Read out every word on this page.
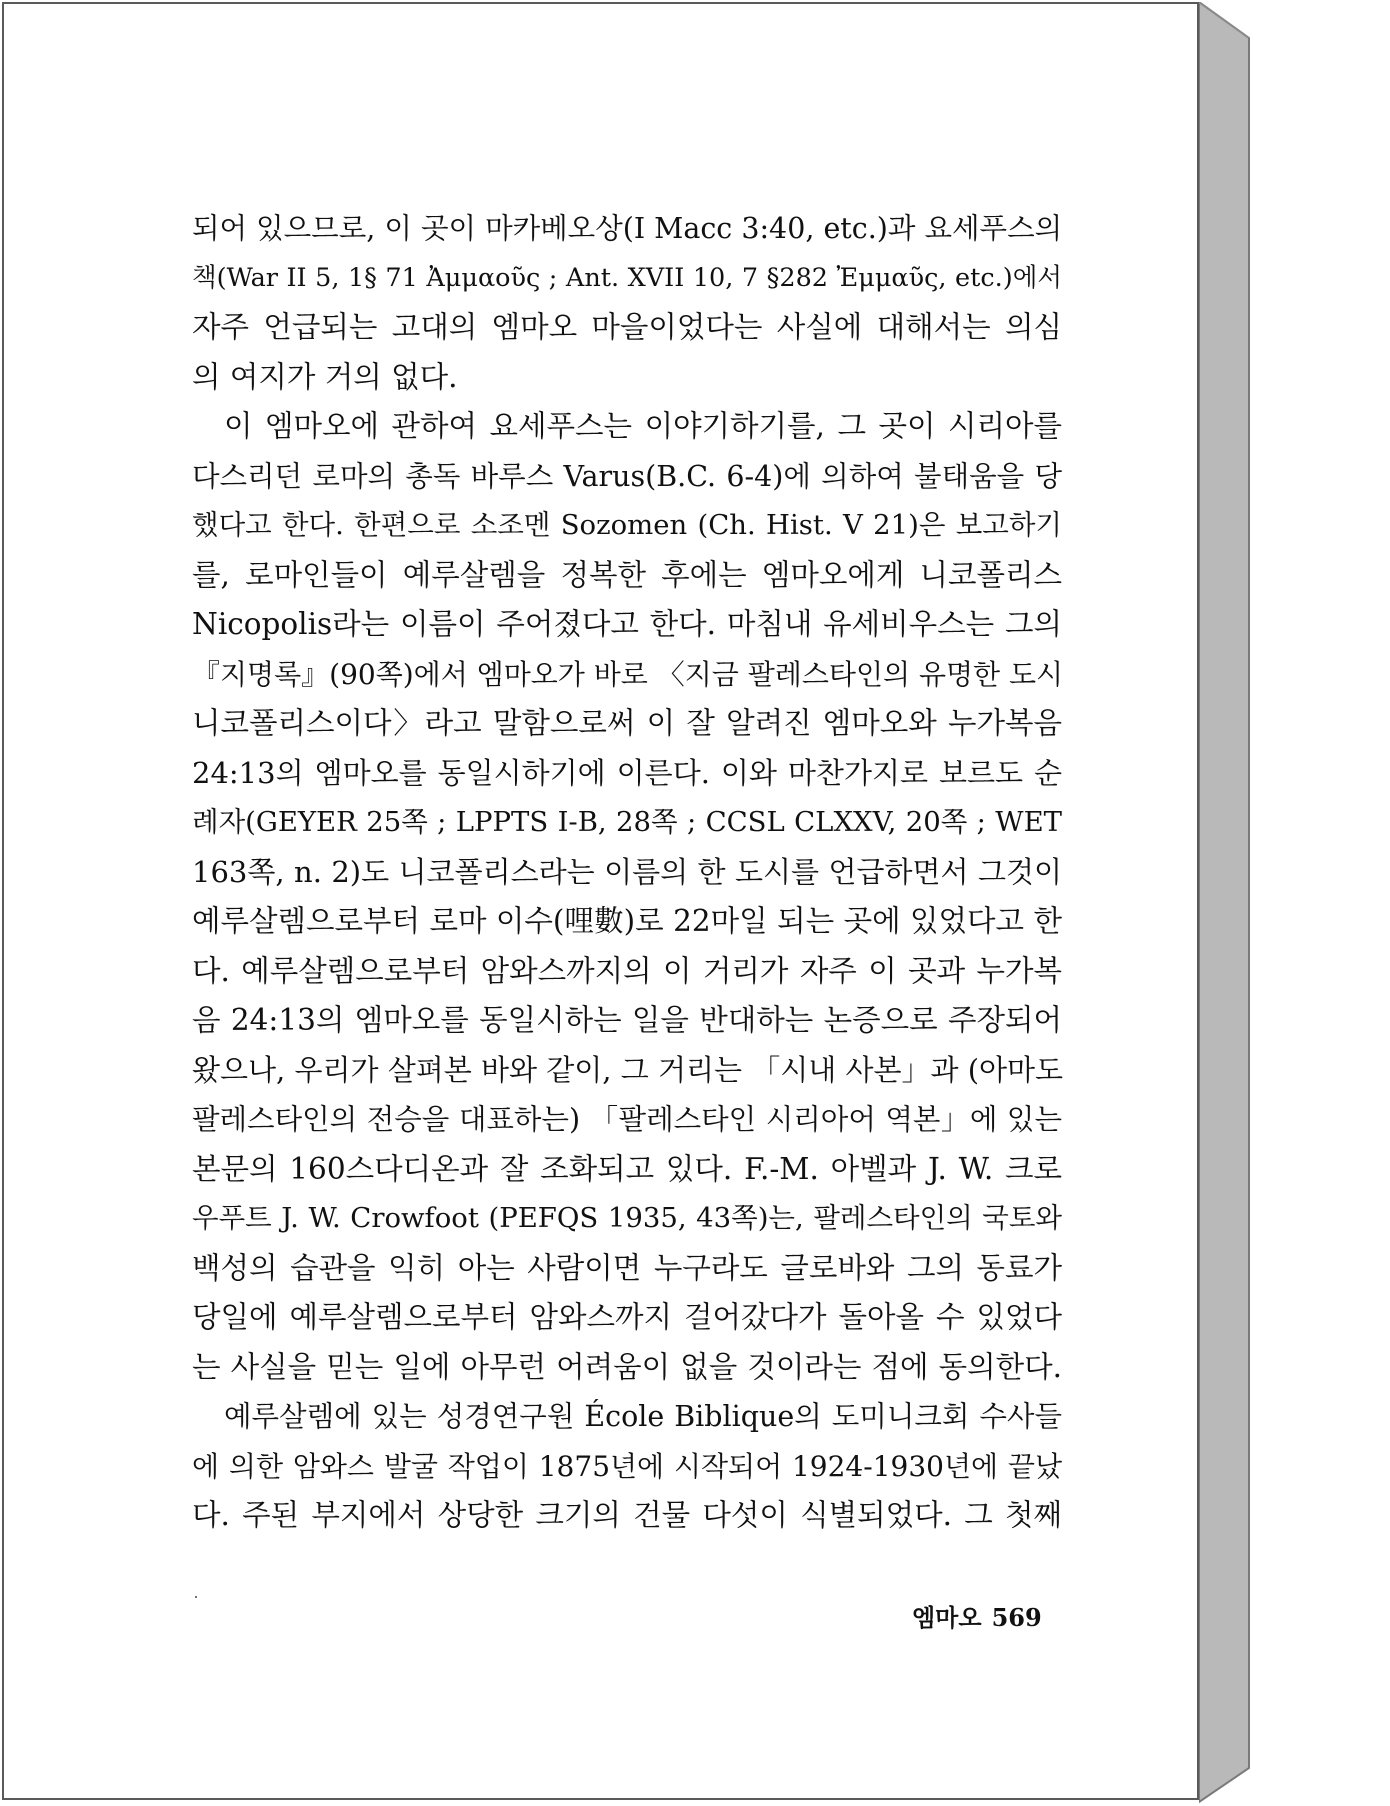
되어 있으므로, 이 곳이 마카베오상(I Macc 3:40, etc.)과 요세푸스의
책(War II 5, 1§ 71 Ἀμμαοῦς ; Ant. XVII 10, 7 §282 Ἐμμαῦς, etc.)에서
자주 언급되는 고대의 엠마오 마을이었다는 사실에 대해서는 의심
의 여지가 거의 없다.
이 엠마오에 관하여 요세푸스는 이야기하기를, 그 곳이 시리아를
다스리던 로마의 총독 바루스 Varus(B.C. 6-4)에 의하여 불태움을 당
했다고 한다. 한편으로 소조멘 Sozomen (Ch. Hist. V 21)은 보고하기
를, 로마인들이 예루살렘을 정복한 후에는 엠마오에게 니코폴리스
Nicopolis라는 이름이 주어졌다고 한다. 마침내 유세비우스는 그의
『지명록』(90쪽)에서 엠마오가 바로 〈지금 팔레스타인의 유명한 도시
니코폴리스이다〉라고 말함으로써 이 잘 알려진 엠마오와 누가복음
24:13의 엠마오를 동일시하기에 이른다. 이와 마찬가지로 보르도 순
례자(GEYER 25쪽 ; LPPTS I-B, 28쪽 ; CCSL CLXXV, 20쪽 ; WET
163쪽, n. 2)도 니코폴리스라는 이름의 한 도시를 언급하면서 그것이
예루살렘으로부터 로마 이수(哩數)로 22마일 되는 곳에 있었다고 한
다. 예루살렘으로부터 암와스까지의 이 거리가 자주 이 곳과 누가복
음 24:13의 엠마오를 동일시하는 일을 반대하는 논증으로 주장되어
왔으나, 우리가 살펴본 바와 같이, 그 거리는 「시내 사본」과 (아마도
팔레스타인의 전승을 대표하는) 「팔레스타인 시리아어 역본」에 있는
본문의 160스다디온과 잘 조화되고 있다. F.-M. 아벨과 J. W. 크로
우푸트 J. W. Crowfoot (PEFQS 1935, 43쪽)는, 팔레스타인의 국토와
백성의 습관을 익히 아는 사람이면 누구라도 글로바와 그의 동료가
당일에 예루살렘으로부터 암와스까지 걸어갔다가 돌아올 수 있었다
는 사실을 믿는 일에 아무런 어려움이 없을 것이라는 점에 동의한다.
예루살렘에 있는 성경연구원 École Biblique의 도미니크회 수사들
에 의한 암와스 발굴 작업이 1875년에 시작되어 1924-1930년에 끝났
다. 주된 부지에서 상당한 크기의 건물 다섯이 식별되었다. 그 첫째
엠마오 569
